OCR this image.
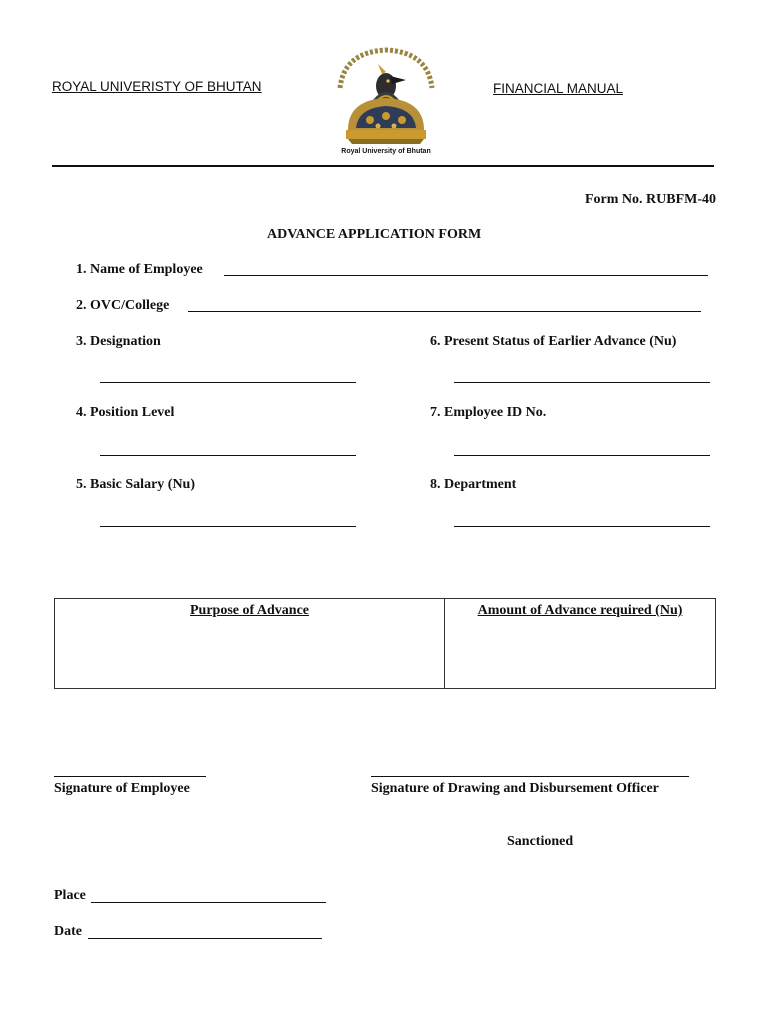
ROYAL UNIVERISTY OF BHUTAN	FINANCIAL MANUAL
Royal University of Bhutan
Form No. RUBFM-40
ADVANCE APPLICATION FORM
1. Name of Employee
2. OVC/College
3. Designation
4. Position Level
5. Basic Salary (Nu)
6. Present Status of Earlier Advance (Nu)
7. Employee ID No.
8. Department
Purpose of Advance	Amount of Advance required (Nu)
Signature of Employee	Signature of Drawing and Disbursement Officer
Sanctioned
Place
Date
